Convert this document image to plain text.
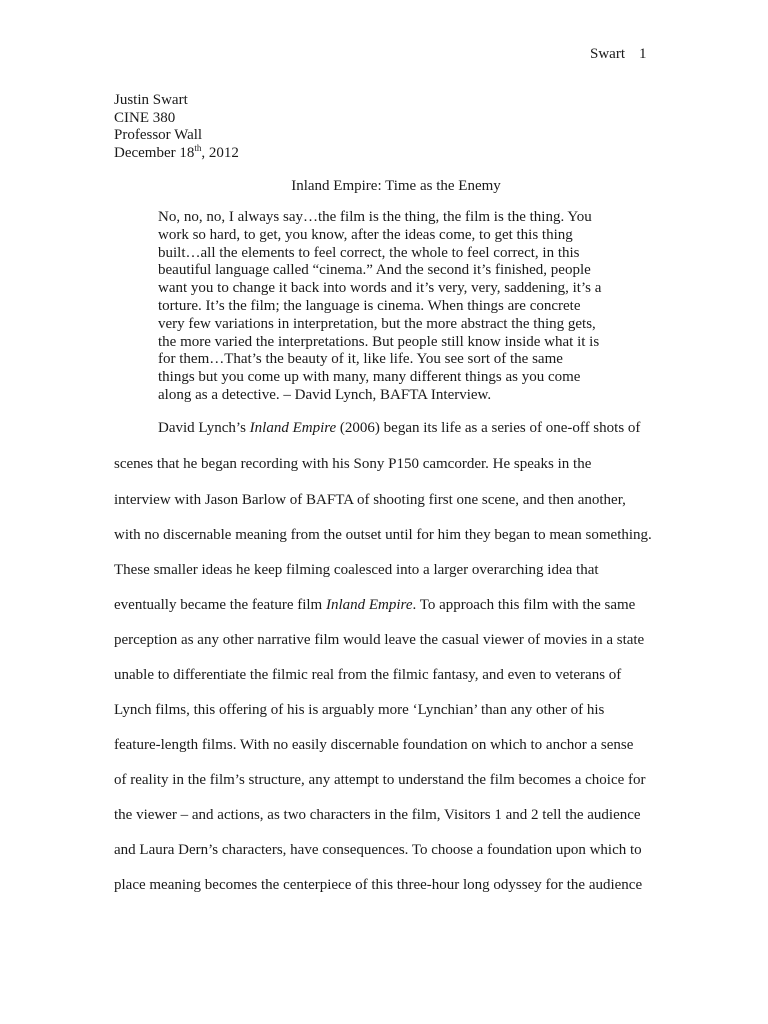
Swart 1
Justin Swart
CINE 380
Professor Wall
December 18th, 2012
Inland Empire: Time as the Enemy
No, no, no, I always say…the film is the thing, the film is the thing. You
work so hard, to get, you know, after the ideas come, to get this thing
built…all the elements to feel correct, the whole to feel correct, in this
beautiful language called “cinema.” And the second it’s finished, people
want you to change it back into words and it’s very, very, saddening, it’s a
torture. It’s the film; the language is cinema. When things are concrete
very few variations in interpretation, but the more abstract the thing gets,
the more varied the interpretations. But people still know inside what it is
for them…That’s the beauty of it, like life. You see sort of the same
things but you come up with many, many different things as you come
along as a detective. – David Lynch, BAFTA Interview.
David Lynch’s Inland Empire (2006) began its life as a series of one-off shots of
scenes that he began recording with his Sony P150 camcorder. He speaks in the
interview with Jason Barlow of BAFTA of shooting first one scene, and then another,
with no discernable meaning from the outset until for him they began to mean something.
These smaller ideas he keep filming coalesced into a larger overarching idea that
eventually became the feature film Inland Empire. To approach this film with the same
perception as any other narrative film would leave the casual viewer of movies in a state
unable to differentiate the filmic real from the filmic fantasy, and even to veterans of
Lynch films, this offering of his is arguably more ‘Lynchian’ than any other of his
feature-length films. With no easily discernable foundation on which to anchor a sense
of reality in the film’s structure, any attempt to understand the film becomes a choice for
the viewer – and actions, as two characters in the film, Visitors 1 and 2 tell the audience
and Laura Dern’s characters, have consequences. To choose a foundation upon which to
place meaning becomes the centerpiece of this three-hour long odyssey for the audience
